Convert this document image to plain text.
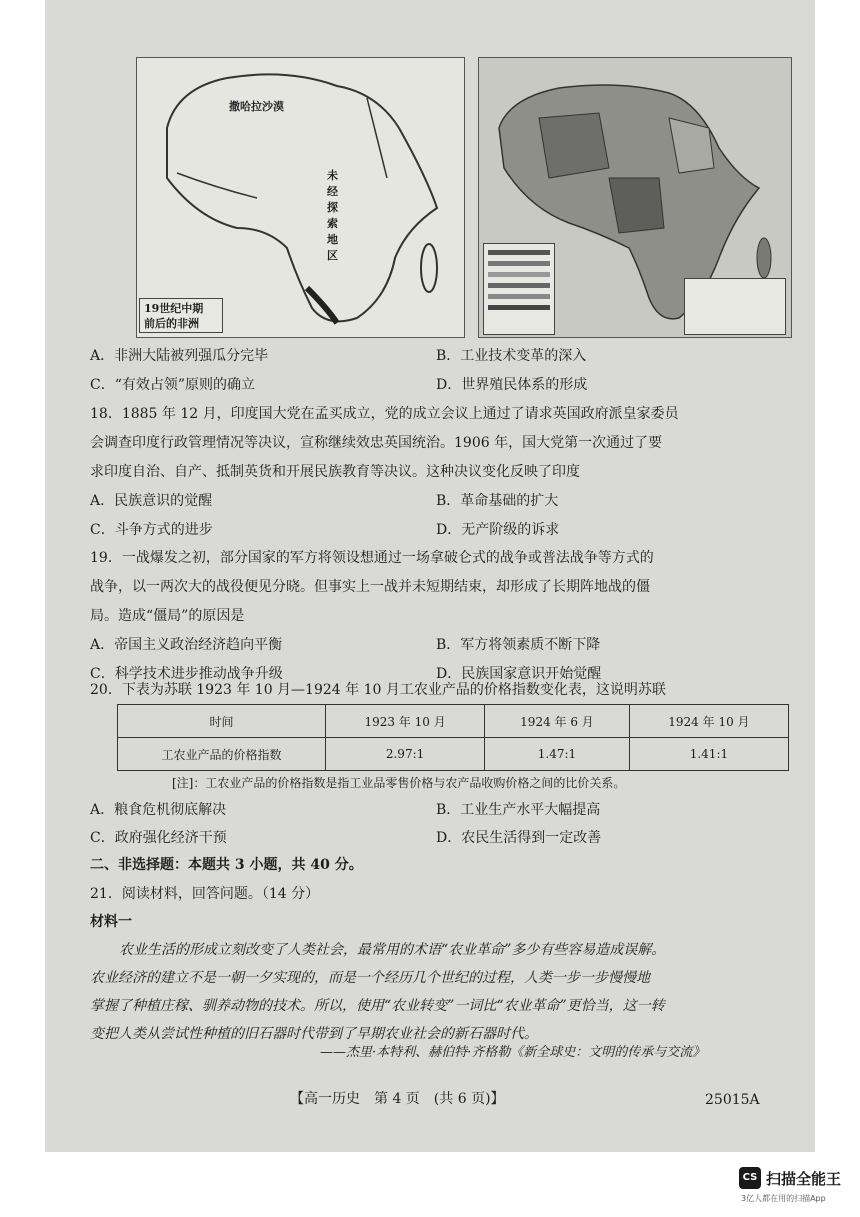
撒哈拉沙漠
未
经
探
索
地
区
19世纪中期
前后的非洲
A．非洲大陆被列强瓜分完毕	B．工业技术变革的深入
C．“有效占领”原则的确立	D．世界殖民体系的形成
18．1885 年 12 月，印度国大党在孟买成立，党的成立会议上通过了请求英国政府派皇家委员
会调查印度行政管理情况等决议，宣称继续效忠英国统治。1906 年，国大党第一次通过了要
求印度自治、自产、抵制英货和开展民族教育等决议。这种决议变化反映了印度
A．民族意识的觉醒	B．革命基础的扩大
C．斗争方式的进步	D．无产阶级的诉求
19．一战爆发之初，部分国家的军方将领设想通过一场拿破仑式的战争或普法战争等方式的
战争，以一两次大的战役便见分晓。但事实上一战并未短期结束，却形成了长期阵地战的僵
局。造成“僵局”的原因是
A．帝国主义政治经济趋向平衡	B．军方将领素质不断下降
C．科学技术进步推动战争升级	D．民族国家意识开始觉醒
20．下表为苏联 1923 年 10 月—1924 年 10 月工农业产品的价格指数变化表，这说明苏联
时间	1923 年 10 月	1924 年 6 月	1924 年 10 月
工农业产品的价格指数	2.97:1	1.47:1	1.41:1
[注]：工农业产品的价格指数是指工业品零售价格与农产品收购价格之间的比价关系。
A．粮食危机彻底解决	B．工业生产水平大幅提高
C．政府强化经济干预	D．农民生活得到一定改善
二、非选择题：本题共 3 小题，共 40 分。
21．阅读材料，回答问题。（14 分）
材料一
农业生活的形成立刻改变了人类社会，最常用的术语“农业革命”多少有些容易造成误解。
农业经济的建立不是一朝一夕实现的，而是一个经历几个世纪的过程，人类一步一步慢慢地
掌握了种植庄稼、驯养动物的技术。所以，使用“农业转变”一词比“农业革命”更恰当，这一转
变把人类从尝试性种植的旧石器时代带到了早期农业社会的新石器时代。
——杰里·本特利、赫伯特·齐格勒《新全球史：文明的传承与交流》
【高一历史　第 4 页　(共 6 页)】	25015A
CS 扫描全能王
3亿人都在用的扫描App
